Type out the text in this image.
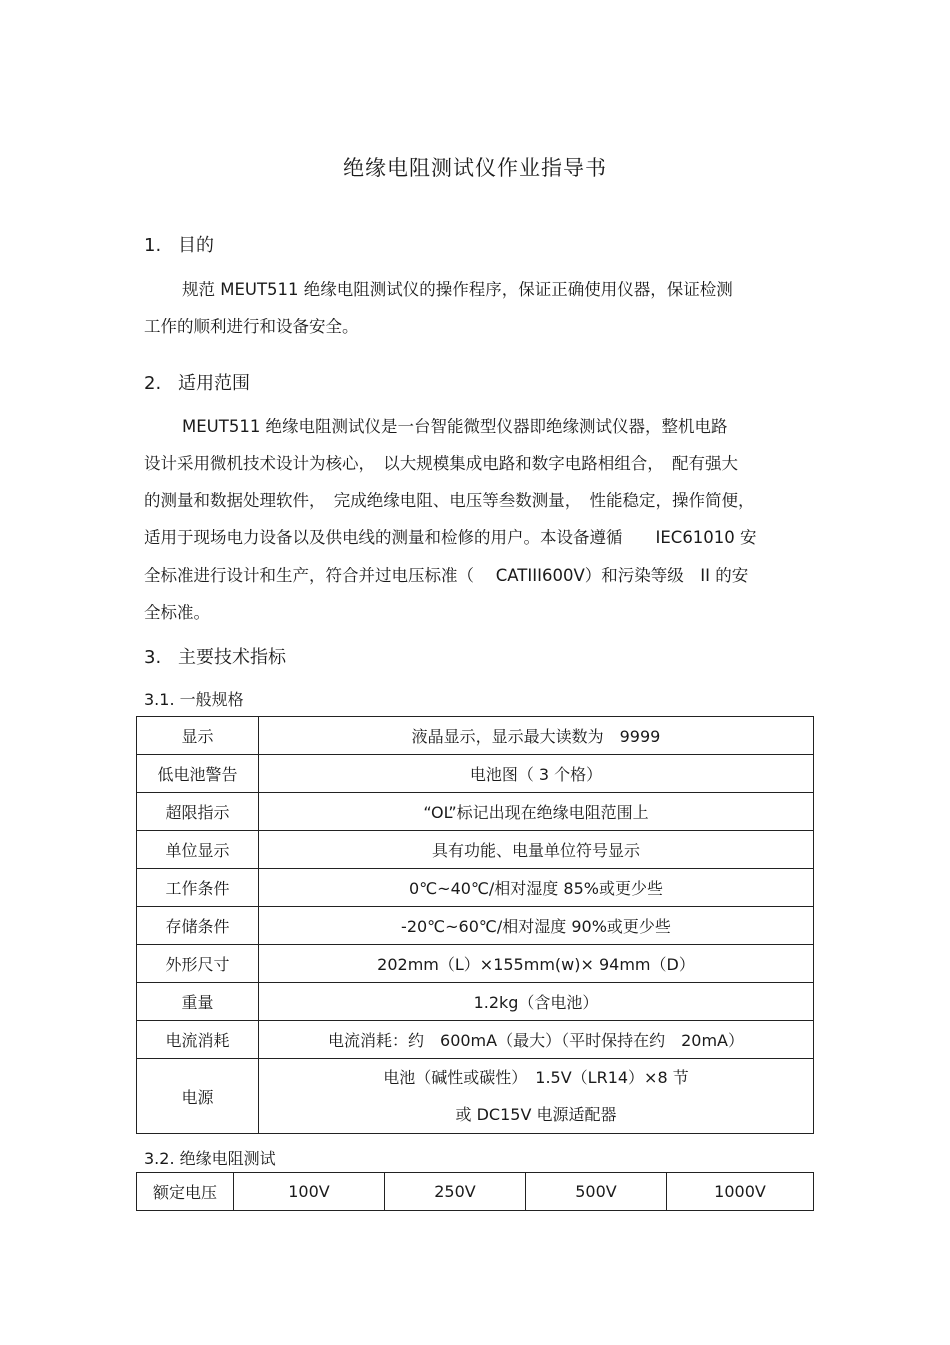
绝缘电阻测试仪作业指导书
1. 目的
规范 MEUT511 绝缘电阻测试仪的操作程序，保证正确使用仪器，保证检测
工作的顺利进行和设备安全。
2. 适用范围
MEUT511 绝缘电阻测试仪是一台智能微型仪器即绝缘测试仪器，整机电路
设计采用微机技术设计为核心，　以大规模集成电路和数字电路相组合，　配有强大
的测量和数据处理软件，　完成绝缘电阻、电压等叁数测量，　性能稳定，操作简便，
适用于现场电力设备以及供电线的测量和检修的用户。本设备遵循　　IEC61010 安
全标准进行设计和生产，符合并过电压标准（　 CATIII600V）和污染等级　II 的安
全标准。
3. 主要技术指标
3.1. 一般规格
显示	液晶显示，显示最大读数为　9999
低电池警告	电池图（ 3 个格）
超限指示	“OL”标记出现在绝缘电阻范围上
单位显示	具有功能、电量单位符号显示
工作条件	0℃~40℃/相对湿度 85%或更少些
存储条件	-20℃~60℃/相对湿度 90%或更少些
外形尺寸	202mm（L）×155mm(w)× 94mm（D）
重量	1.2kg（含电池）
电流消耗	电流消耗：约　600mA（最大）（平时保持在约　20mA）
电源	电池（碱性或碳性）　1.5V（LR14）×8 节
或 DC15V 电源适配器
3.2. 绝缘电阻测试
额定电压	100V	250V	500V	1000V
